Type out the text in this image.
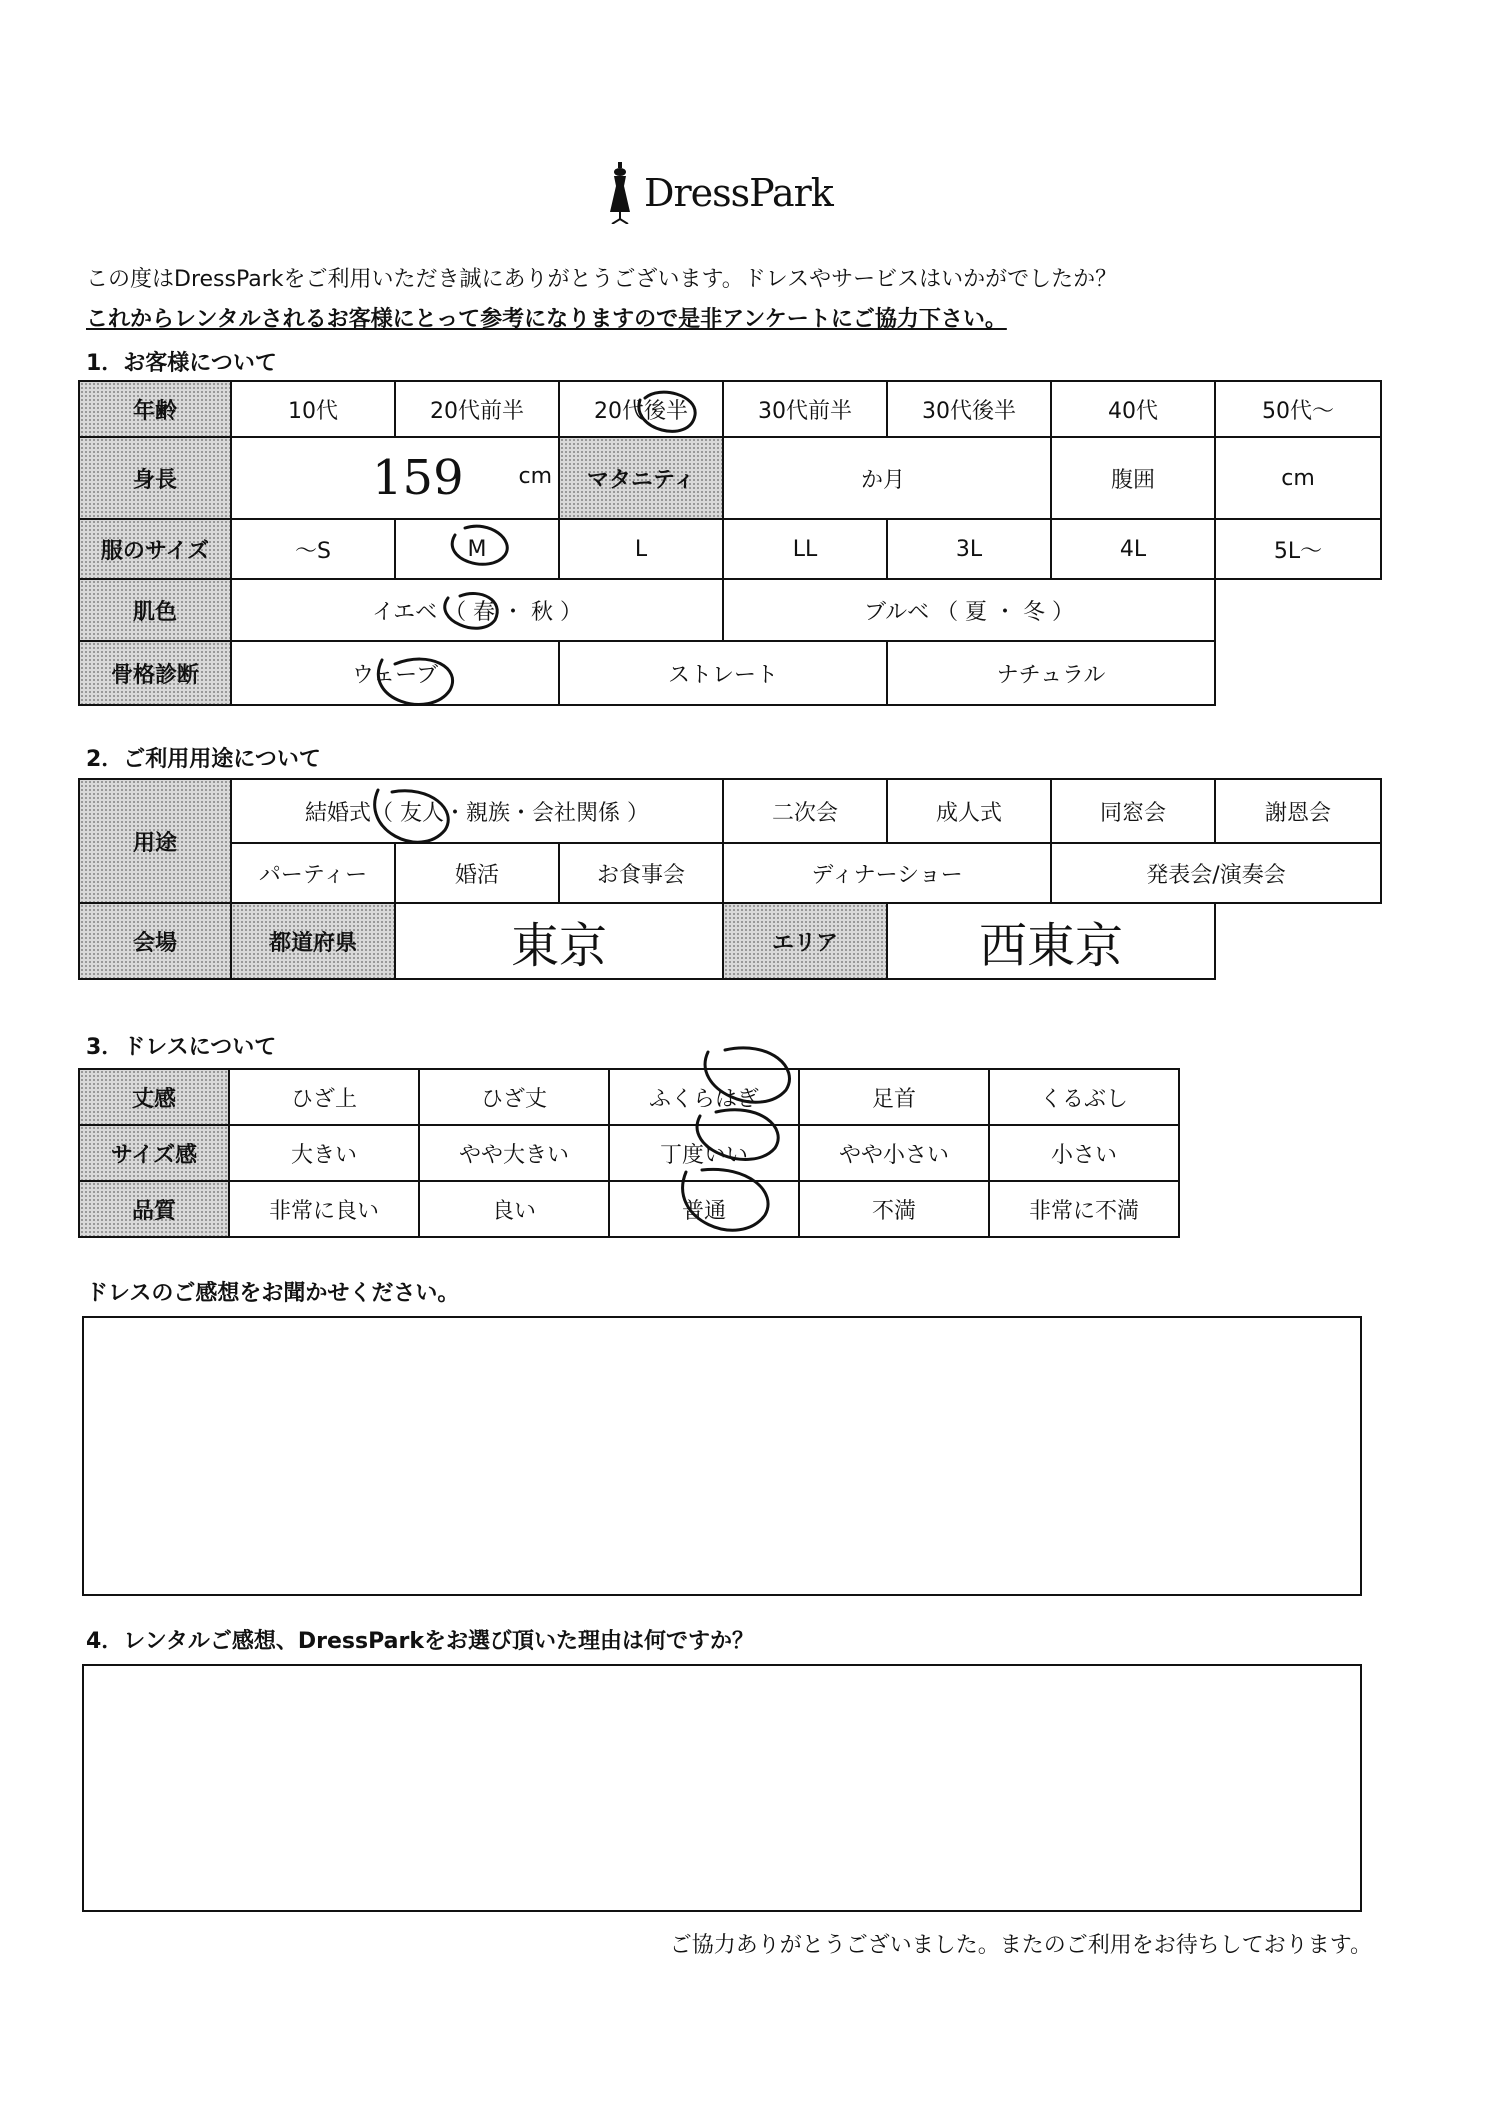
DressPark
この度はDressParkをご利用いただき誠にありがとうございます。ドレスやサービスはいかがでしたか？
これからレンタルされるお客様にとって参考になりますので是非アンケートにご協力下さい。
1．お客様について
年齢	10代	20代前半	20代後半	30代前半	30代後半	40代	50代～
身長	159 cm		マタニティ	か月		腹囲	cm
服のサイズ	～S	M	L	LL	3L	4L	5L～
肌色	イエベ （ 春 ・ 秋 ）			ブルベ （ 夏 ・ 冬 ）			
骨格診断	ウェーブ		ストレート		ナチュラル		
2．ご利用用途について
用途	結婚式（ 友人・親族・会社関係 ）			二次会	成人式	同窓会	謝恩会
	パーティー	婚活	お食事会	ディナーショー		発表会/演奏会	
会場	都道府県	東京		エリア	西東京		
3．ドレスについて
丈感	ひざ上	ひざ丈	ふくらはぎ	足首	くるぶし
サイズ感	大きい	やや大きい	丁度いい	やや小さい	小さい
品質	非常に良い	良い	普通	不満	非常に不満
ドレスのご感想をお聞かせください。
4．レンタルご感想、DressParkをお選び頂いた理由は何ですか？
ご協力ありがとうございました。またのご利用をお待ちしております。
